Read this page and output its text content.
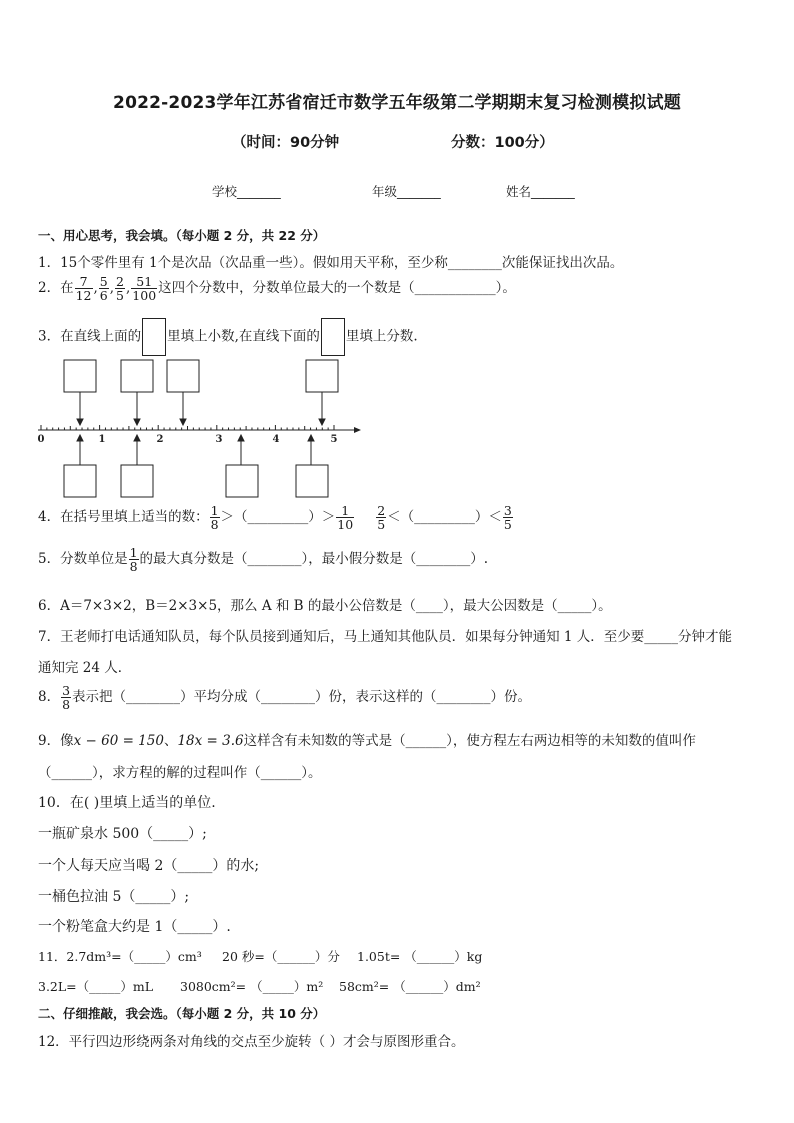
2022-2023学年江苏省宿迁市数学五年级第二学期期末复习检测模拟试题
（时间：90分钟	分数：100分）
学校_______	年级_______	姓名_______
一、用心思考，我会填。（每小题 2 分，共 22 分）
1．15个零件里有 1个是次品（次品重一些）。假如用天平称，至少称________次能保证找出次品。
2．在 $\frac{7}{12}$ , $\frac{5}{6}$ , $\frac{2}{5}$ , $\frac{51}{100}$ 这四个分数中，分数单位最大的一个数是（____________）。
3．在直线上面的 里填上小数,在直线下面的 里填上分数.
0	1	2	3	4	5
4．在括号里填上适当的数： $\frac{1}{8}$ ＞（_________）＞ $\frac{1}{10} \frac{2}{5}$ ＜（_________）＜ $\frac{3}{5}$
5．分数单位是 $\frac{1}{8}$ 的最大真分数是（________），最小假分数是（________）.
6．A＝7×3×2，B＝2×3×5，那么 A 和 B 的最小公倍数是（____），最大公因数是（_____）。
7．王老师打电话通知队员，每个队员接到通知后，马上通知其他队员．如果每分钟通知 1 人．至少要_____分钟才能
通知完 24 人．
8． $\frac{3}{8}$ 表示把（________）平均分成（________）份，表示这样的（________）份。
9．像x − 60 = 150、18x = 3.6这样含有未知数的等式是（______），使方程左右两边相等的未知数的值叫作
（______），求方程的解的过程叫作（______）。
10．在( )里填上适当的单位.
一瓶矿泉水 500（_____）;
一个人每天应当喝 2（_____）的水;
一桶色拉油 5（_____）;
一个粉笔盒大约是 1（_____）.
11．2.7dm³=（_____）cm³ 20 秒=（______）分 1.05t= （______）kg
3.2L=（_____）mL 3080cm²= （_____）m² 58cm²= （______）dm²
二、仔细推敲，我会选。（每小题 2 分，共 10 分）
12．平行四边形绕两条对角线的交点至少旋转（ ）才会与原图形重合。
